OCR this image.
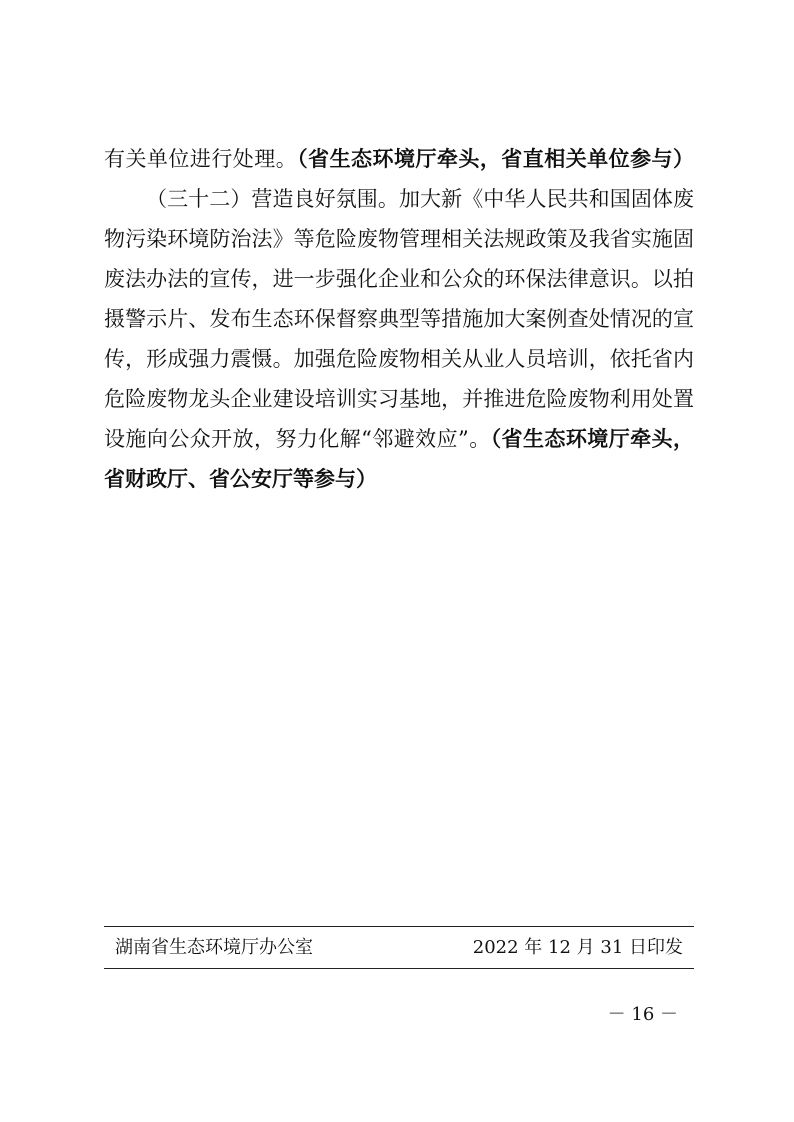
有关单位进行处理。（省生态环境厅牵头，省直相关单位参与）
（三十二）营造良好氛围。加大新《中华人民共和国固体废
物污染环境防治法》等危险废物管理相关法规政策及我省实施固
废法办法的宣传，进一步强化企业和公众的环保法律意识。以拍
摄警示片、发布生态环保督察典型等措施加大案例查处情况的宣
传，形成强力震慑。加强危险废物相关从业人员培训，依托省内
危险废物龙头企业建设培训实习基地，并推进危险废物利用处置
设施向公众开放，努力化解“邻避效应”。（省生态环境厅牵头，
省财政厅、省公安厅等参与）
湖南省生态环境厅办公室	2022 年 12 月 31 日印发
－ 16 －
